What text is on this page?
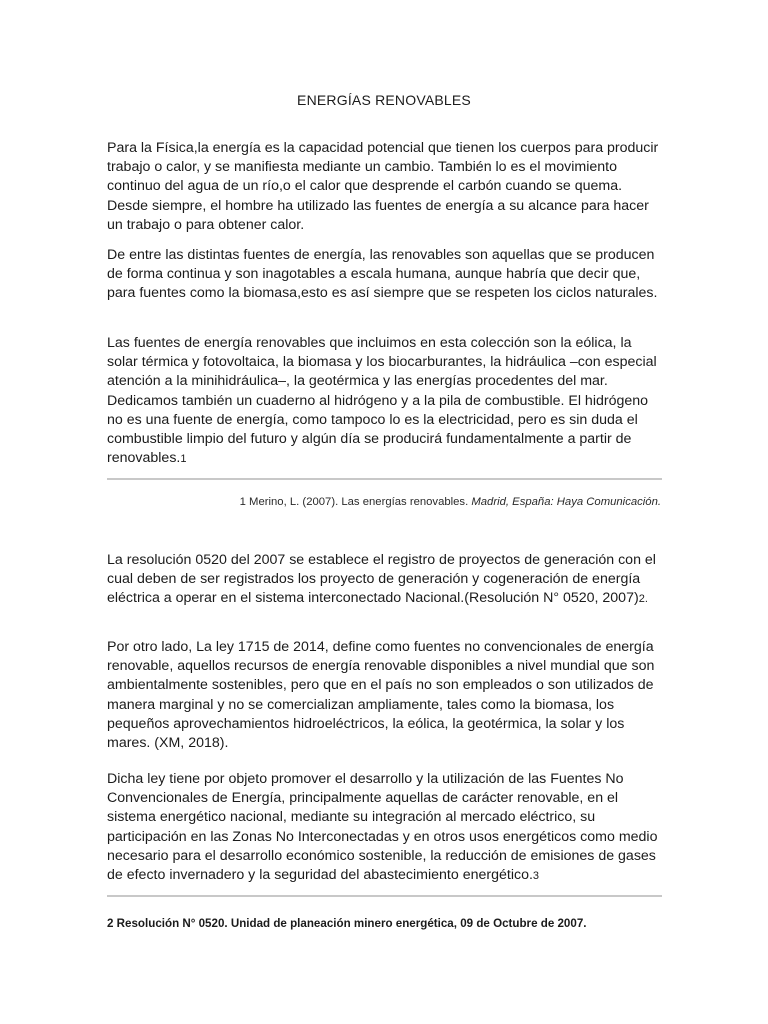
ENERGÍAS RENOVABLES

Para la Física,la energía es la capacidad potencial que tienen los cuerpos para producir trabajo o calor, y se manifiesta mediante un cambio. También lo es el movimiento continuo del agua de un río,o el calor que desprende el carbón cuando se quema. Desde siempre, el hombre ha utilizado las fuentes de energía a su alcance para hacer un trabajo o para obtener calor.

De entre las distintas fuentes de energía, las renovables son aquellas que se producen de forma continua y son inagotables a escala humana, aunque habría que decir que, para fuentes como la biomasa,esto es así siempre que se respeten los ciclos naturales.

Las fuentes de energía renovables que incluimos en esta colección son la eólica, la solar térmica y fotovoltaica, la biomasa y los biocarburantes, la hidráulica –con especial atención a la minihidráulica–, la geotérmica y las energías procedentes del mar. Dedicamos también un cuaderno al hidrógeno y a la pila de combustible. El hidrógeno no es una fuente de energía, como tampoco lo es la electricidad, pero es sin duda el combustible limpio del futuro y algún día se producirá fundamentalmente a partir de renovables.1

1 Merino, L. (2007). Las energías renovables. Madrid, España: Haya Comunicación.

La resolución 0520 del 2007 se establece el registro de proyectos de generación con el cual deben de ser registrados los proyecto de generación y cogeneración de energía eléctrica a operar en el sistema interconectado Nacional.(Resolución N° 0520, 2007)2.

Por otro lado, La ley 1715 de 2014, define como fuentes no convencionales de energía renovable, aquellos recursos de energía renovable disponibles a nivel mundial que son ambientalmente sostenibles, pero que en el país no son empleados o son utilizados de manera marginal y no se comercializan ampliamente, tales como la biomasa, los pequeños aprovechamientos hidroeléctricos, la eólica, la geotérmica, la solar y los mares. (XM, 2018).

Dicha ley tiene por objeto promover el desarrollo y la utilización de las Fuentes No Convencionales de Energía, principalmente aquellas de carácter renovable, en el sistema energético nacional, mediante su integración al mercado eléctrico, su participación en las Zonas No Interconectadas y en otros usos energéticos como medio necesario para el desarrollo económico sostenible, la reducción de emisiones de gases de efecto invernadero y la seguridad del abastecimiento energético.3

2 Resolución N° 0520. Unidad de planeación minero energética, 09 de Octubre de 2007.
